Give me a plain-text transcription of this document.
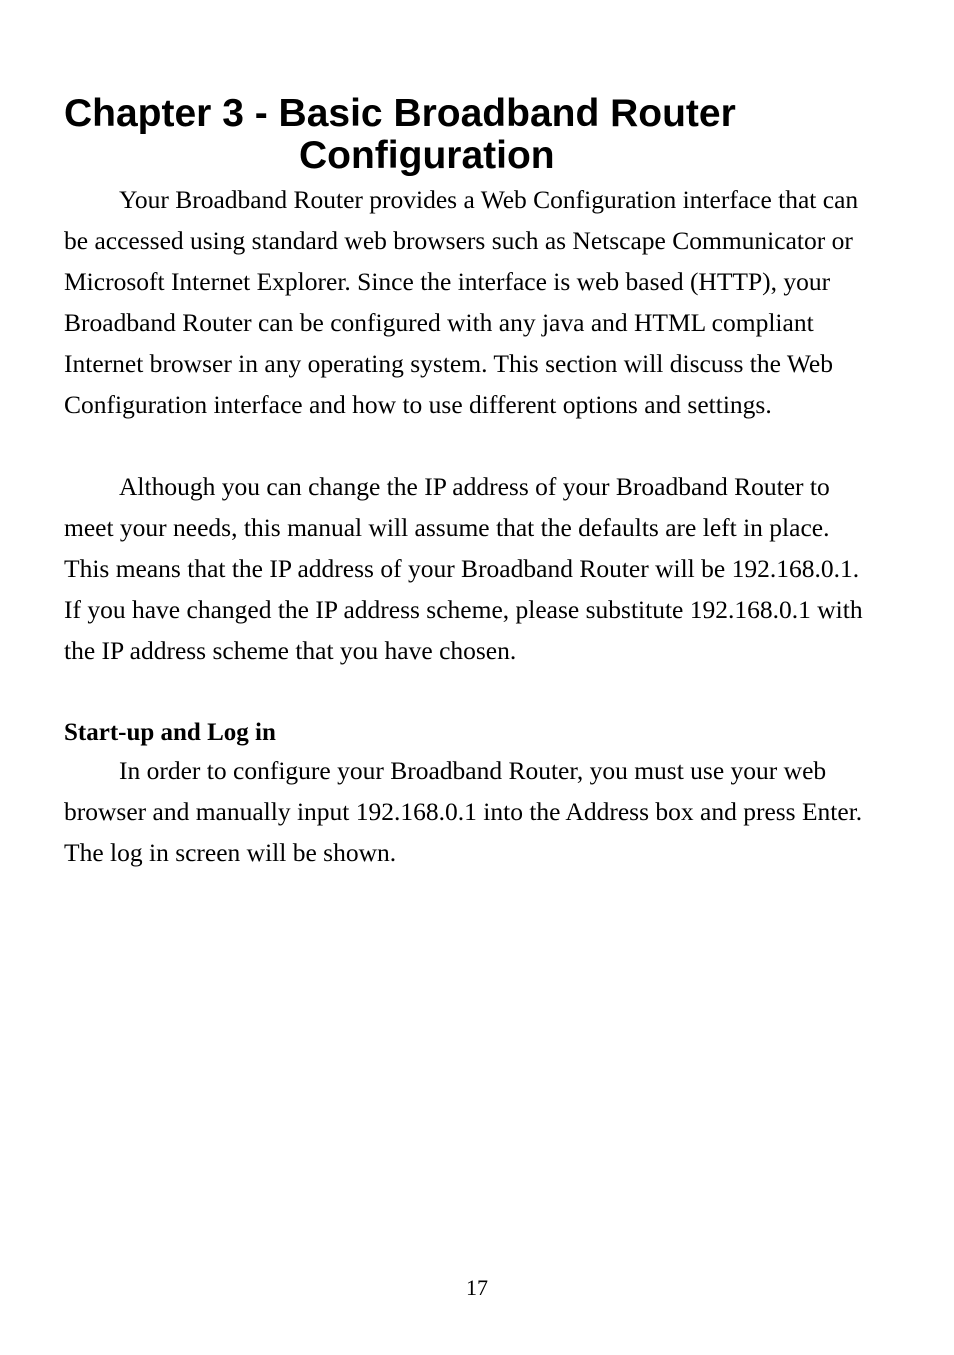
Chapter 3 - Basic Broadband Router
Configuration

Your Broadband Router provides a Web Configuration interface that can be accessed using standard web browsers such as Netscape Communicator or Microsoft Internet Explorer. Since the interface is web based (HTTP), your Broadband Router can be configured with any java and HTML compliant Internet browser in any operating system. This section will discuss the Web Configuration interface and how to use different options and settings.

Although you can change the IP address of your Broadband Router to meet your needs, this manual will assume that the defaults are left in place. This means that the IP address of your Broadband Router will be 192.168.0.1. If you have changed the IP address scheme, please substitute 192.168.0.1 with the IP address scheme that you have chosen.

Start-up and Log in

In order to configure your Broadband Router, you must use your web browser and manually input 192.168.0.1 into the Address box and press Enter. The log in screen will be shown.

17
